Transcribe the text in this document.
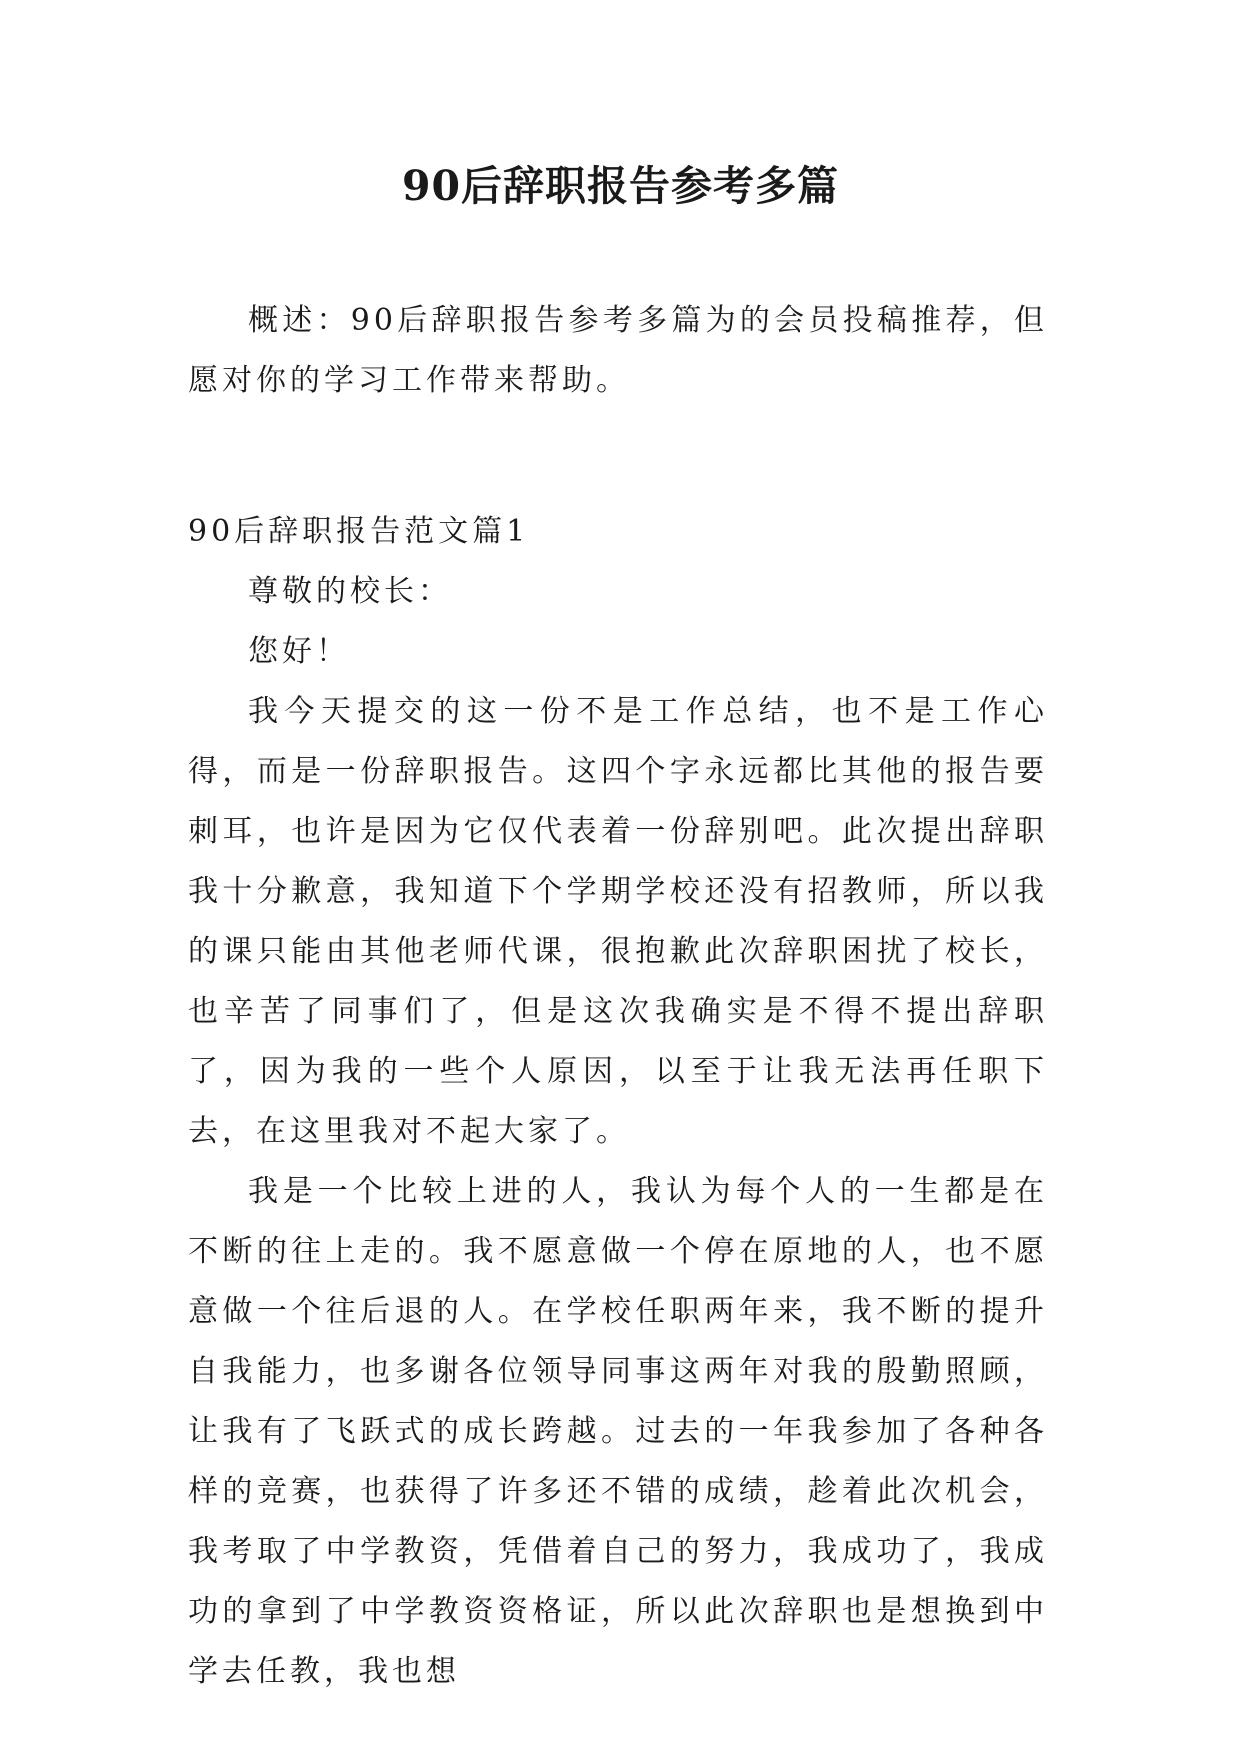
90后辞职报告参考多篇

概述：90后辞职报告参考多篇为的会员投稿推荐，但愿对你的学习工作带来帮助。

90后辞职报告范文篇1

尊敬的校长：

您好！

我今天提交的这一份不是工作总结，也不是工作心得，而是一份辞职报告。这四个字永远都比其他的报告要刺耳，也许是因为它仅代表着一份辞别吧。此次提出辞职我十分歉意，我知道下个学期学校还没有招教师，所以我的课只能由其他老师代课，很抱歉此次辞职困扰了校长，也辛苦了同事们了，但是这次我确实是不得不提出辞职了，因为我的一些个人原因，以至于让我无法再任职下去，在这里我对不起大家了。

我是一个比较上进的人，我认为每个人的一生都是在不断的往上走的。我不愿意做一个停在原地的人，也不愿意做一个往后退的人。在学校任职两年来，我不断的提升自我能力，也多谢各位领导同事这两年对我的殷勤照顾，让我有了飞跃式的成长跨越。过去的一年我参加了各种各样的竞赛，也获得了许多还不错的成绩，趁着此次机会，我考取了中学教资，凭借着自己的努力，我成功了，我成功的拿到了中学教资资格证，所以此次辞职也是想换到中学去任教，我也想
